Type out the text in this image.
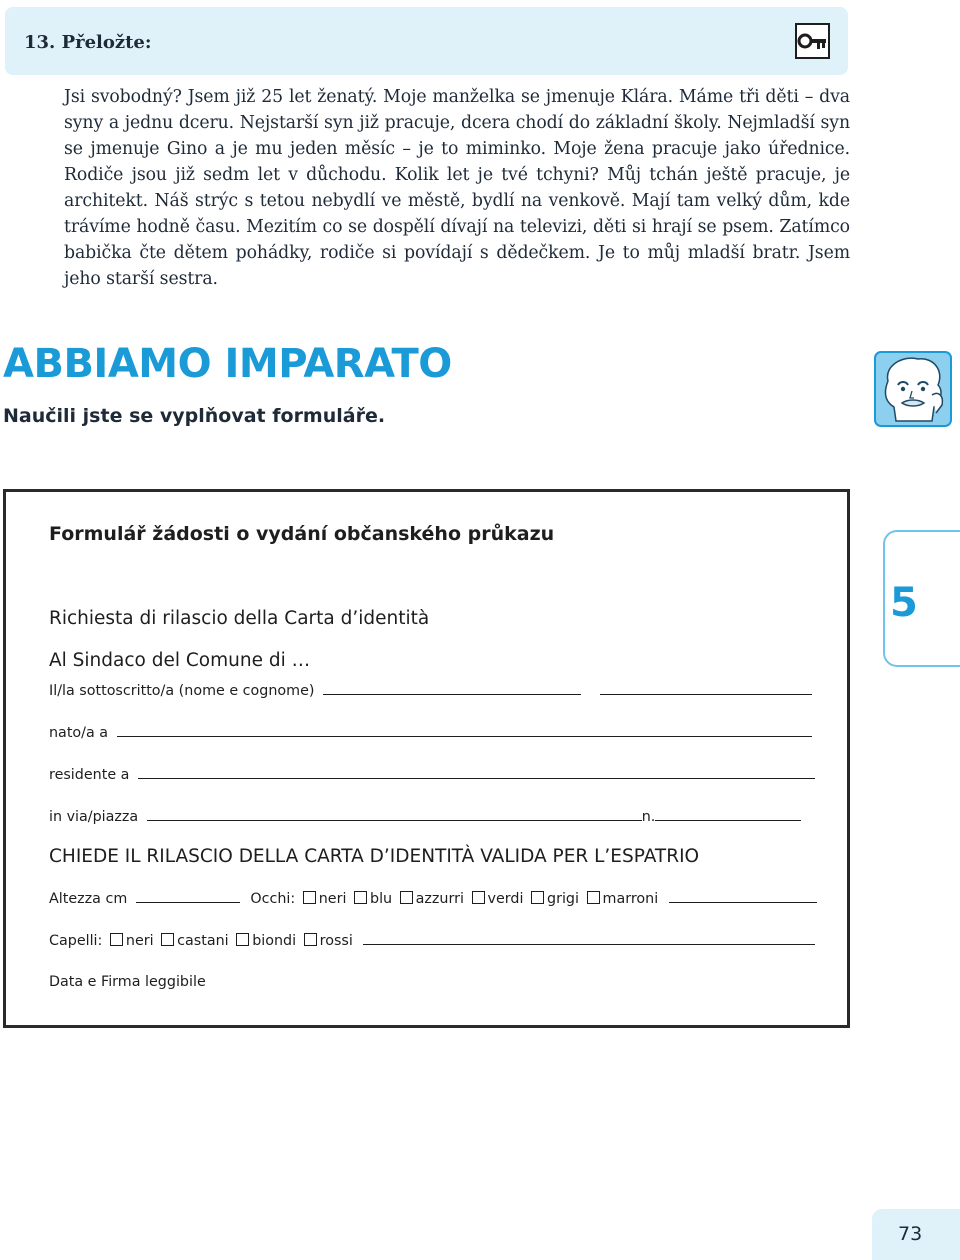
13. Přeložte:
Jsi svobodný? Jsem již 25 let ženatý. Moje manželka se jmenuje Klára. Máme tři děti – dva syny a jednu dceru. Nejstarší syn již pracuje, dcera chodí do základní školy. Nejmladší syn se jmenuje Gino a je mu jeden měsíc – je to miminko. Moje žena pracuje jako úřednice. Rodiče jsou již sedm let v důchodu. Kolik let je tvé tchyni? Můj tchán ještě pracuje, je architekt. Náš strýc s tetou nebydlí ve městě, bydlí na venkově. Mají tam velký dům, kde trávíme hodně času. Mezitím co se dospělí dívají na televizi, děti si hrají se psem. Zatímco babička čte dětem pohádky, rodiče si povídají s dědečkem. Je to můj mladší bratr. Jsem jeho starší sestra.
ABBIAMO IMPARATO
Naučili jste se vyplňovat formuláře.
Formulář žádosti o vydání občanského průkazu
Richiesta di rilascio della Carta d’identità
Al Sindaco del Comune di …
Il/la sottoscritto/a (nome e cognome)
nato/a a
residente a
in via/piazza	n.
CHIEDE IL RILASCIO DELLA CARTA D’IDENTITÀ VALIDA PER L’ESPATRIO
Altezza cm	Occhi: neri blu azzurri verdi grigi marroni
Capelli: neri castani biondi rossi
Data e Firma leggibile
5
73
